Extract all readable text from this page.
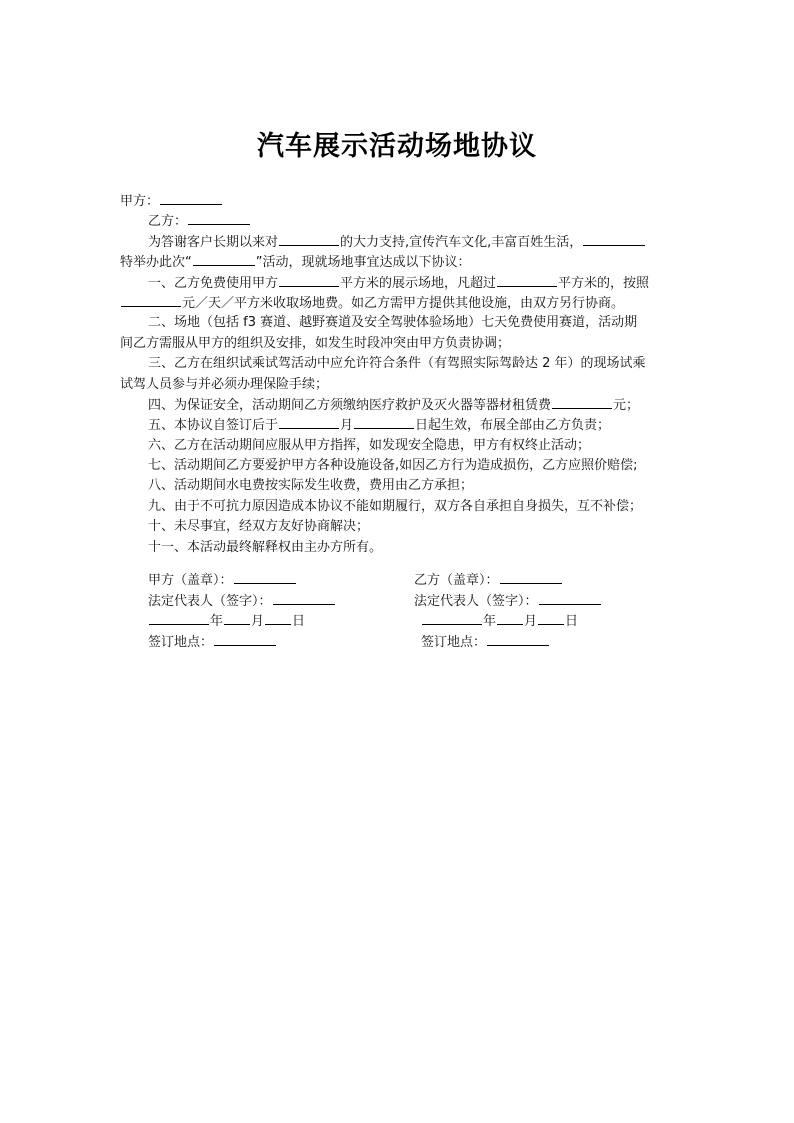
汽车展示活动场地协议
甲方：
乙方：
为答谢客户长期以来对	的大力支持,宣传汽车文化,丰富百姓生活，
特举办此次“	”活动，现就场地事宜达成以下协议：
一、乙方免费使用甲方	平方米的展示场地，凡超过	平方米的，按照
元／天／平方米收取场地费。如乙方需甲方提供其他设施，由双方另行协商。
二、场地（包括 f3 赛道、越野赛道及安全驾驶体验场地）七天免费使用赛道，活动期
间乙方需服从甲方的组织及安排，如发生时段冲突由甲方负责协调；
三、乙方在组织试乘试驾活动中应允许符合条件（有驾照实际驾龄达 2 年）的现场试乘
试驾人员参与并必须办理保险手续；
四、为保证安全，活动期间乙方须缴纳医疗救护及灭火器等器材租赁费	元；
五、本协议自签订后于	月	日起生效，布展全部由乙方负责；
六、乙方在活动期间应服从甲方指挥，如发现安全隐患，甲方有权终止活动；
七、活动期间乙方要爱护甲方各种设施设备,如因乙方行为造成损伤，乙方应照价赔偿;
八、活动期间水电费按实际发生收费，费用由乙方承担；
九、由于不可抗力原因造成本协议不能如期履行，双方各自承担自身损失，互不补偿；
十、未尽事宜，经双方友好协商解决；
十一、本活动最终解释权由主办方所有。
甲方（盖章）：
法定代表人（签字）：
年 月 日
签订地点：
乙方（盖章）：
法定代表人（签字）：
年 月 日
签订地点：
